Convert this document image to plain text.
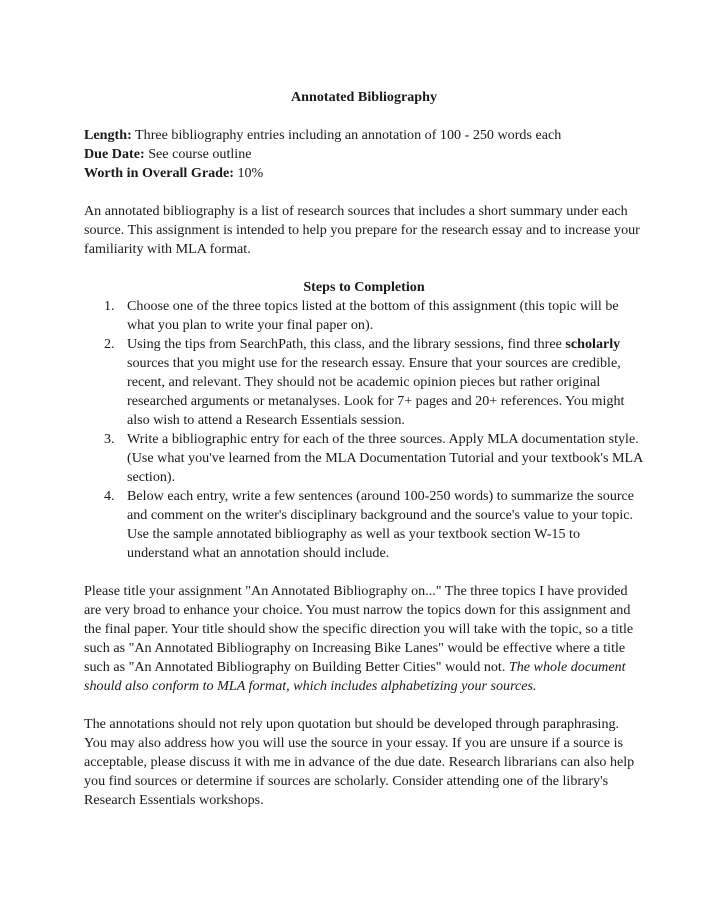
Annotated Bibliography

Length: Three bibliography entries including an annotation of 100 - 250 words each

Due Date: See course outline

Worth in Overall Grade: 10%

An annotated bibliography is a list of research sources that includes a short summary under each source. This assignment is intended to help you prepare for the research essay and to increase your familiarity with MLA format.

Steps to Completion
1. Choose one of the three topics listed at the bottom of this assignment (this topic will be what you plan to write your final paper on).
2. Using the tips from SearchPath, this class, and the library sessions, find three scholarly sources that you might use for the research essay. Ensure that your sources are credible, recent, and relevant. They should not be academic opinion pieces but rather original researched arguments or metanalyses. Look for 7+ pages and 20+ references. You might also wish to attend a Research Essentials session.
3. Write a bibliographic entry for each of the three sources. Apply MLA documentation style. (Use what you've learned from the MLA Documentation Tutorial and your textbook's MLA section).
4. Below each entry, write a few sentences (around 100-250 words) to summarize the source and comment on the writer's disciplinary background and the source's value to your topic. Use the sample annotated bibliography as well as your textbook section W-15 to understand what an annotation should include.

Please title your assignment "An Annotated Bibliography on..." The three topics I have provided are very broad to enhance your choice. You must narrow the topics down for this assignment and the final paper. Your title should show the specific direction you will take with the topic, so a title such as "An Annotated Bibliography on Increasing Bike Lanes" would be effective where a title such as "An Annotated Bibliography on Building Better Cities" would not. The whole document should also conform to MLA format, which includes alphabetizing your sources.

The annotations should not rely upon quotation but should be developed through paraphrasing. You may also address how you will use the source in your essay. If you are unsure if a source is acceptable, please discuss it with me in advance of the due date. Research librarians can also help you find sources or determine if sources are scholarly. Consider attending one of the library's Research Essentials workshops.
